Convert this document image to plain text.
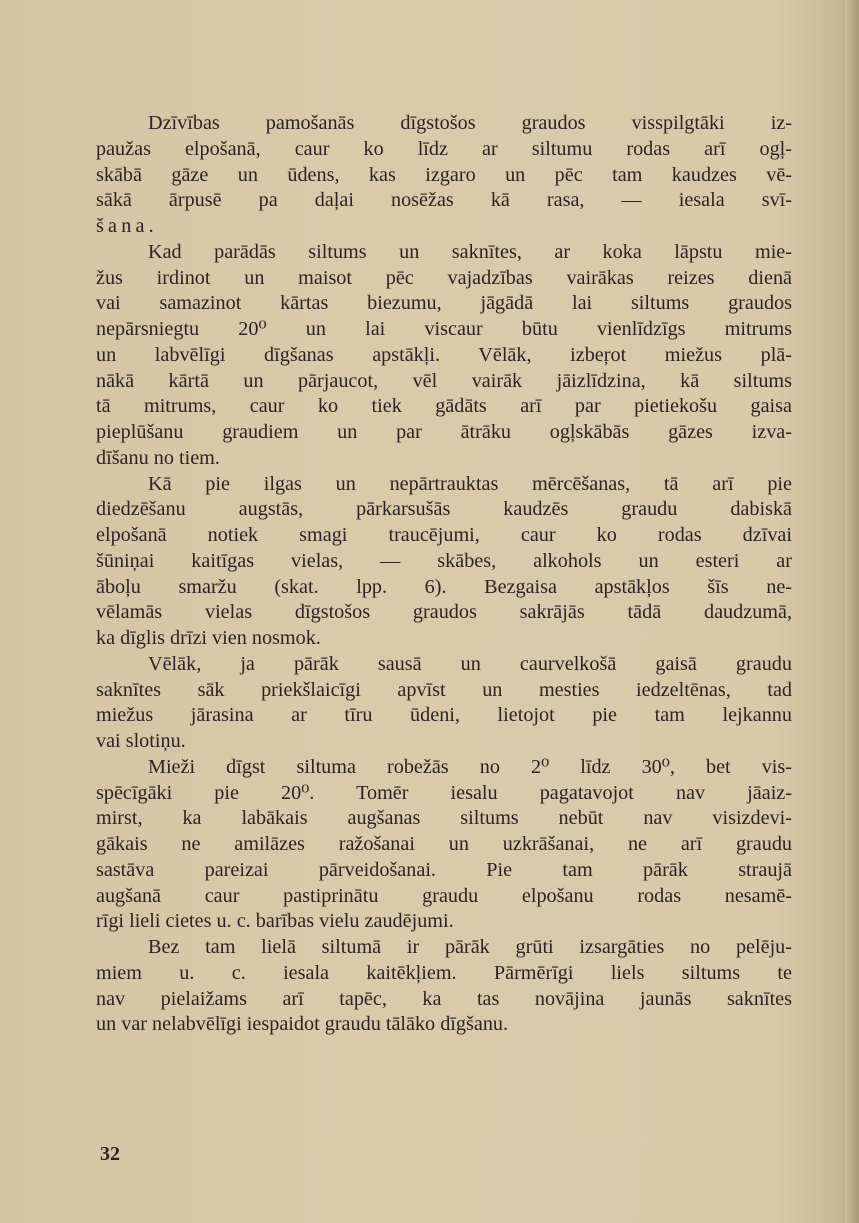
Dzīvības pamošanās dīgstošos graudos visspilgtāki iz-
paužas elpošanā, caur ko līdz ar siltumu rodas arī ogļ-
skābā gāze un ūdens, kas izgaro un pēc tam kaudzes vē-
sākā ārpusē pa daļai nosēžas kā rasa, — iesala svī-
šana.
Kad parādās siltums un saknītes, ar koka lāpstu mie-
žus irdinot un maisot pēc vajadzības vairākas reizes dienā
vai samazinot kārtas biezumu, jāgādā lai siltums graudos
nepārsniegtu 20⁰ un lai viscaur būtu vienlīdzīgs mitrums
un labvēlīgi dīgšanas apstākļi. Vēlāk, izbeŗot miežus plā-
nākā kārtā un pārjaucot, vēl vairāk jāizlīdzina, kā siltums
tā mitrums, caur ko tiek gādāts arī par pietiekošu gaisa
pieplūšanu graudiem un par ātrāku ogļskābās gāzes izva-
dīšanu no tiem.
Kā pie ilgas un nepārtrauktas mērcēšanas, tā arī pie
diedzēšanu augstās, pārkarsušās kaudzēs graudu dabiskā
elpošanā notiek smagi traucējumi, caur ko rodas dzīvai
šūniņai kaitīgas vielas, — skābes, alkohols un esteri ar
āboļu smaržu (skat. lpp. 6). Bezgaisa apstākļos šīs ne-
vēlamās vielas dīgstošos graudos sakrājās tādā daudzumā,
ka dīglis drīzi vien nosmok.
Vēlāk, ja pārāk sausā un caurvelkošā gaisā graudu
saknītes sāk priekšlaicīgi apvīst un mesties iedzeltēnas, tad
miežus jārasina ar tīru ūdeni, lietojot pie tam lejkannu
vai slotiņu.
Mieži dīgst siltuma robežās no 2⁰ līdz 30⁰, bet vis-
spēcīgāki pie 20⁰. Tomēr iesalu pagatavojot nav jāaiz-
mirst, ka labākais augšanas siltums nebūt nav visizdevi-
gākais ne amilāzes ražošanai un uzkrāšanai, ne arī graudu
sastāva pareizai pārveidošanai. Pie tam pārāk straujā
augšanā caur pastiprinātu graudu elpošanu rodas nesamē-
rīgi lieli cietes u. c. barības vielu zaudējumi.
Bez tam lielā siltumā ir pārāk grūti izsargāties no pelēju-
miem u. c. iesala kaitēkļiem. Pārmērīgi liels siltums te
nav pielaižams arī tapēc, ka tas novājina jaunās saknītes
un var nelabvēlīgi iespaidot graudu tālāko dīgšanu.
32
